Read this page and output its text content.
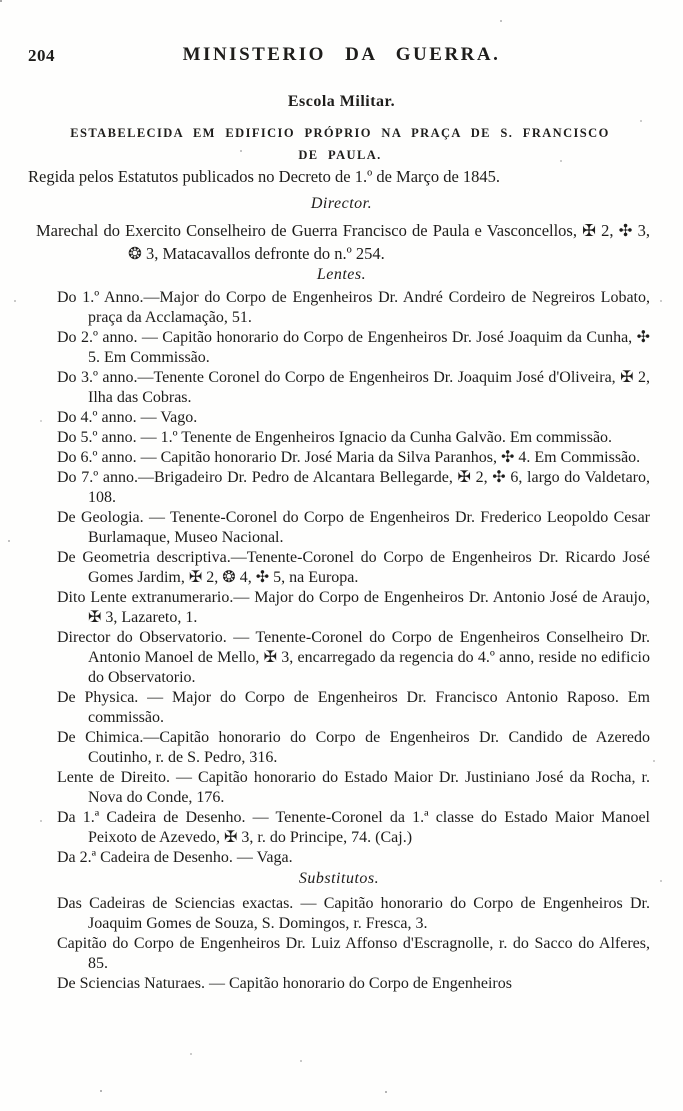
204	MINISTERIO DA GUERRA.
Escola Militar.
ESTABELECIDA EM EDIFICIO PRÓPRIO NA PRAÇA DE S. FRANCISCO
DE PAULA.
Regida pelos Estatutos publicados no Decreto de 1.º de Março de 1845.
Director.
Marechal do Exercito Conselheiro de Guerra Francisco de Paula e Vasconcellos, ✠ 2, ✣ 3, ❂ 3, Matacavallos defronte do n.º 254.
Lentes.
Do 1.º Anno.—Major do Corpo de Engenheiros Dr. André Cordeiro de Negreiros Lobato, praça da Acclamação, 51.
Do 2.º anno. — Capitão honorario do Corpo de Engenheiros Dr. José Joaquim da Cunha, ✣ 5. Em Commissão.
Do 3.º anno.—Tenente Coronel do Corpo de Engenheiros Dr. Joaquim José d'Oliveira, ✠ 2, Ilha das Cobras.
Do 4.º anno. — Vago.
Do 5.º anno. — 1.º Tenente de Engenheiros Ignacio da Cunha Galvão. Em commissão.
Do 6.º anno. — Capitão honorario Dr. José Maria da Silva Paranhos, ✣ 4. Em Commissão.
Do 7.º anno.—Brigadeiro Dr. Pedro de Alcantara Bellegarde, ✠ 2, ✣ 6, largo do Valdetaro, 108.
De Geologia. — Tenente-Coronel do Corpo de Engenheiros Dr. Frederico Leopoldo Cesar Burlamaque, Museo Nacional.
De Geometria descriptiva.—Tenente-Coronel do Corpo de Engenheiros Dr. Ricardo José Gomes Jardim, ✠ 2, ❂ 4, ✣ 5, na Europa.
Dito Lente extranumerario.— Major do Corpo de Engenheiros Dr. Antonio José de Araujo, ✠ 3, Lazareto, 1.
Director do Observatorio. — Tenente-Coronel do Corpo de Engenheiros Conselheiro Dr. Antonio Manoel de Mello, ✠ 3, encarregado da regencia do 4.º anno, reside no edificio do Observatorio.
De Physica. — Major do Corpo de Engenheiros Dr. Francisco Antonio Raposo. Em commissão.
De Chimica.—Capitão honorario do Corpo de Engenheiros Dr. Candido de Azeredo Coutinho, r. de S. Pedro, 316.
Lente de Direito. — Capitão honorario do Estado Maior Dr. Justiniano José da Rocha, r. Nova do Conde, 176.
Da 1.ª Cadeira de Desenho. — Tenente-Coronel da 1.ª classe do Estado Maior Manoel Peixoto de Azevedo, ✠ 3, r. do Principe, 74. (Caj.)
Da 2.ª Cadeira de Desenho. — Vaga.
Substitutos.
Das Cadeiras de Sciencias exactas. — Capitão honorario do Corpo de Engenheiros Dr. Joaquim Gomes de Souza, S. Domingos, r. Fresca, 3.
Capitão do Corpo de Engenheiros Dr. Luiz Affonso d'Escragnolle, r. do Sacco do Alferes, 85.
De Sciencias Naturaes. — Capitão honorario do Corpo de Engenheiros
